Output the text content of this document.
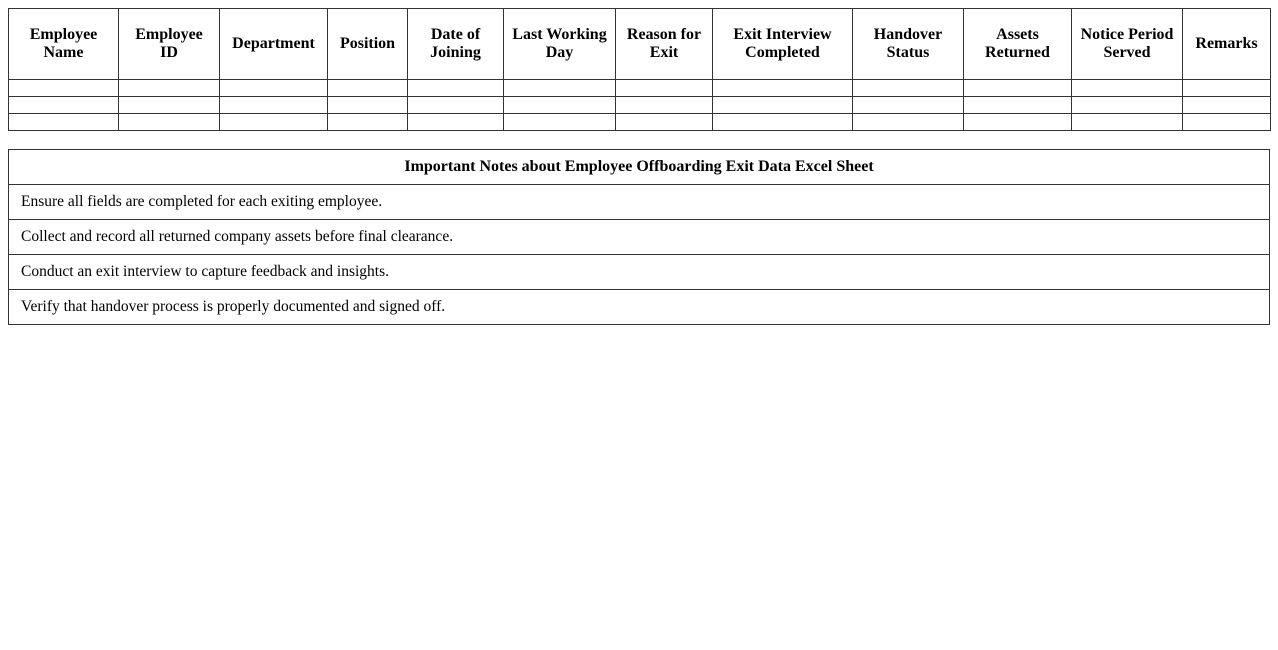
Employee Name	Employee ID	Department	Position	Date of Joining	Last Working Day	Reason for Exit	Exit Interview Completed	Handover Status	Assets Returned	Notice Period Served	Remarks

Important Notes about Employee Offboarding Exit Data Excel Sheet
Ensure all fields are completed for each exiting employee.
Collect and record all returned company assets before final clearance.
Conduct an exit interview to capture feedback and insights.
Verify that handover process is properly documented and signed off.
